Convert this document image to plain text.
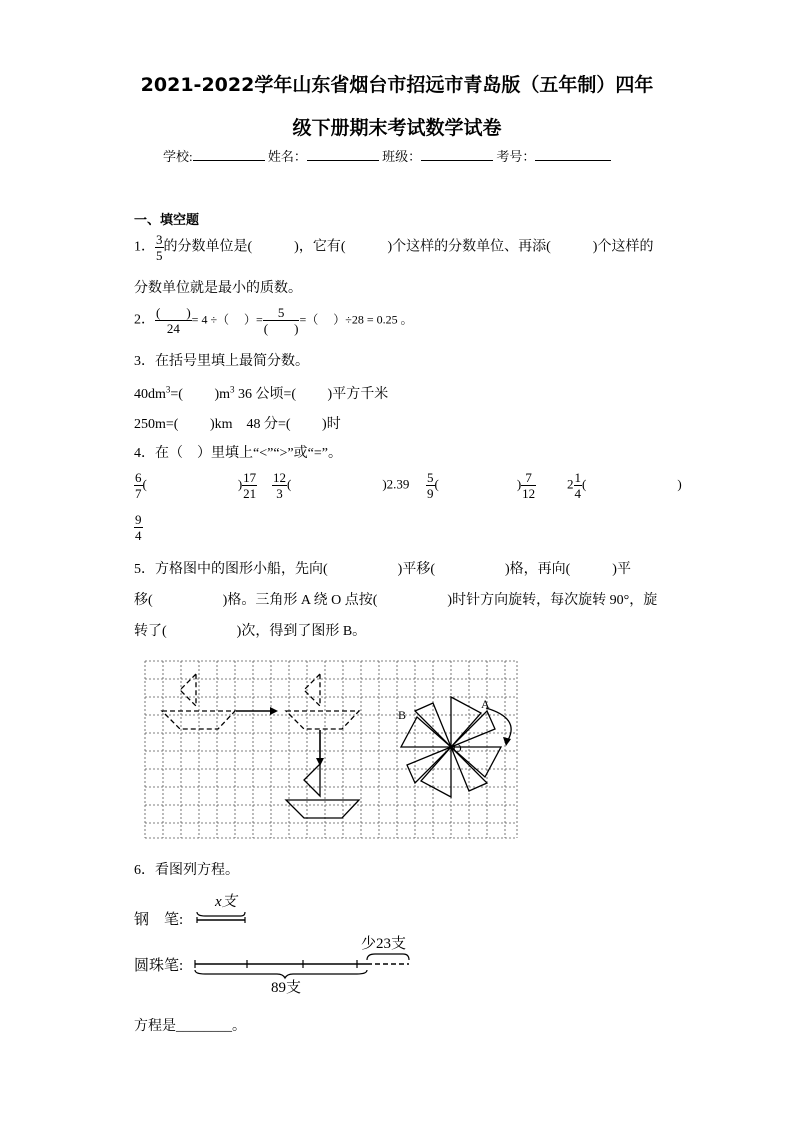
2021-2022学年山东省烟台市招远市青岛版（五年制）四年
级下册期末考试数学试卷
学校:	姓名：	班级：	考号：
一、填空题
1． $\frac{3}{5}$ 的分数单位是(　　　)，它有(　　　)个这样的分数单位、再添(　　　)个这样的
分数单位就是最小的质数。
2． $\frac{( )}{24} = 4$ ÷（　 ）= $\frac{5}{( )}$ =（　 ）÷28 = 0.25 。
3．在括号里填上最简分数。
$40dm^3=$(　　 )$m^3$ 36 公顷=(　　 )平方千米
250m=(　　 )km　48 分=(　　 )时
4．在（　）里填上“<”“>”或“=”。
$\frac{6}{7}$ (　　　　　　　) $\frac{17}{21} \frac{12}{3}$ (　　　　　　　)$2.39 \frac{5}{9}$ (　　　　　　) $\frac{7}{12} 2 \frac{1}{4}$ (　　　　　　　)
$\frac{9}{4}$
5．方格图中的图形小船，先向(　　　　　)平移(　　　　　)格，再向(　　　)平
移(　　　　　)格。三角形 A 绕 O 点按(　　　　　)时针方向旋转，每次旋转 90°，旋
转了(　　　　　)次，得到了图形 B。
A
B
O
6．看图列方程。
钢　笔:
圆珠笔:
x支
少23支
89支
方程是________。
